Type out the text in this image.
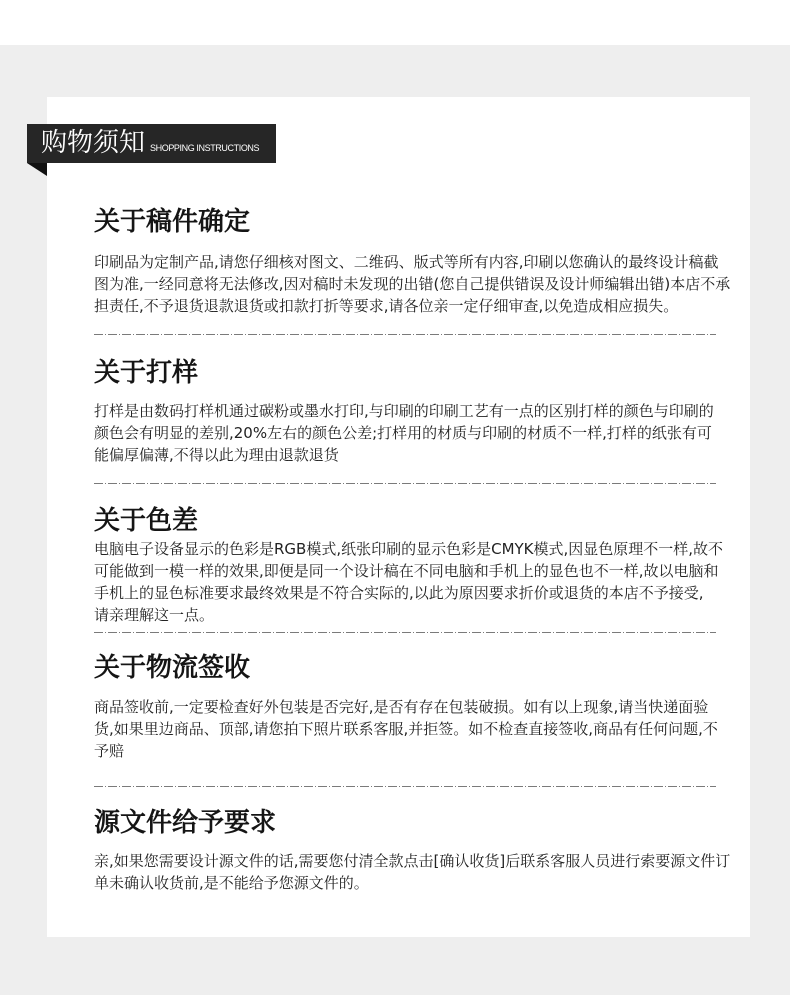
购物须知 SHOPPING INSTRUCTIONS
关于稿件确定
印刷品为定制产品,请您仔细核对图文、二维码、版式等所有内容,印刷以您确认的最终设计稿截
图为准,一经同意将无法修改,因对稿时未发现的出错(您自己提供错误及设计师编辑出错)本店不承
担责任,不予退货退款退货或扣款打折等要求,请各位亲一定仔细审查,以免造成相应损失。
关于打样
打样是由数码打样机通过碳粉或墨水打印,与印刷的印刷工艺有一点的区别打样的颜色与印刷的
颜色会有明显的差别,20%左右的颜色公差;打样用的材质与印刷的材质不一样,打样的纸张有可
能偏厚偏薄,不得以此为理由退款退货
关于色差
电脑电子设备显示的色彩是RGB模式,纸张印刷的显示色彩是CMYK模式,因显色原理不一样,故不
可能做到一模一样的效果,即便是同一个设计稿在不同电脑和手机上的显色也不一样,故以电脑和
手机上的显色标准要求最终效果是不符合实际的,以此为原因要求折价或退货的本店不予接受,
请亲理解这一点。
关于物流签收
商品签收前,一定要检查好外包装是否完好,是否有存在包装破损。如有以上现象,请当快递面验
货,如果里边商品、顶部,请您拍下照片联系客服,并拒签。如不检查直接签收,商品有任何问题,不
予赔
源文件给予要求
亲,如果您需要设计源文件的话,需要您付清全款点击[确认收货]后联系客服人员进行索要源文件订
单未确认收货前,是不能给予您源文件的。
